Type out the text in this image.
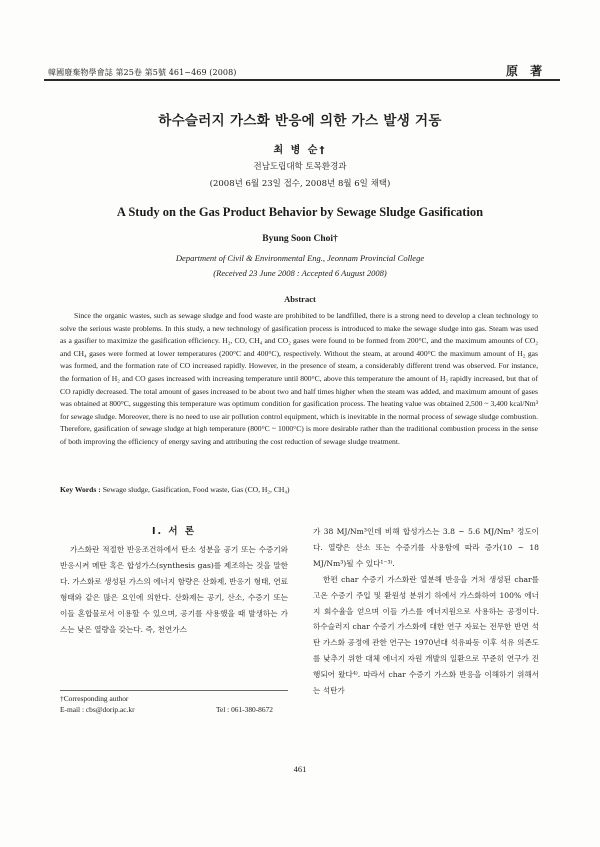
韓國廢棄物學會誌 第25卷 第5號 461~469 (2008)	原 著
하수슬러지 가스화 반응에 의한 가스 발생 거동
최 병 순†
전남도립대학 토목환경과
(2008년 6월 23일 접수, 2008년 8월 6일 채택)
A Study on the Gas Product Behavior by Sewage Sludge Gasification
Byung Soon Choi†
Department of Civil & Environmental Eng., Jeonnam Provincial College
(Received 23 June 2008 : Accepted 6 August 2008)
Abstract

Since the organic wastes, such as sewage sludge and food waste are prohibited to be landfilled, there is a strong need to develop a clean technology to solve the serious waste problems. In this study, a new technology of gasification process is introduced to make the sewage sludge into gas. Steam was used as a gasifier to maximize the gasification efficiency. H₂, CO, CH₄ and CO₂ gases were found to be formed from 200°C, and the maximum amounts of CO₂ and CH₄ gases were formed at lower temperatures (200°C and 400°C), respectively. Without the steam, at around 400°C the maximum amount of H₂ gas was formed, and the formation rate of CO increased rapidly. However, in the presence of steam, a considerably different trend was observed. For instance, the formation of H₂ and CO gases increased with increasing temperature until 800°C, above this temperature the amount of H₂ rapidly increased, but that of CO rapidly decreased. The total amount of gases increased to be about two and half times higher when the steam was added, and maximum amount of gases was obtained at 800°C, suggesting this temperature was optimum condition for gasification process. The heating value was obtained 2,500 ~ 3,400 kcal/Nm³ for sewage sludge. Moreover, there is no need to use air pollution control equipment, which is inevitable in the normal process of sewage sludge combustion. Therefore, gasification of sewage sludge at high temperature (800°C ~ 1000°C) is more desirable rather than the traditional combustion process in the sense of both improving the efficiency of energy saving and attributing the cost reduction of sewage sludge treatment.

Key Words : Sewage sludge, Gasification, Food waste, Gas (CO, H₂, CH₄)
I. 서 론

가스화란 적절한 반응조건하에서 탄소 성분을 공기 또는 수증기와 반응시켜 메탄 혹은 합성가스(synthesis gas)를 제조하는 것을 말한다. 가스화로 생성된 가스의 에너지 함량은 산화제, 반응기 형태, 연료 형태와 같은 많은 요인에 의한다. 산화제는 공기, 산소, 수증기 또는 이들 혼합물로서 이용할 수 있으며, 공기를 사용했을 때 발생하는 가스는 낮은 열량을 갖는다. 즉, 천연가스

가 38 MJ/Nm³인데 비해 합성가스는 3.8 ~ 5.6 MJ/Nm³ 정도이다. 열량은 산소 또는 수증기를 사용함에 따라 증가(10 ~ 18 MJ/Nm³)될 수 있다¹⁻³⁾.

한편 char 수증기 가스화란 열분해 반응을 거쳐 생성된 char를 고온 수증기 주입 및 환원성 분위기 하에서 가스화하여 100% 에너지 회수율을 얻으며 이들 가스를 에너지원으로 사용하는 공정이다. 하수슬러지 char 수증기 가스화에 대한 연구 자료는 전무한 반면 석탄 가스화 공정에 관한 연구는 1970년대 석유파동 이후 석유 의존도를 낮추기 위한 대체 에너지 자원 개발의 일환으로 꾸준히 연구가 진행되어 왔다⁴⁾. 따라서 char 수증기 가스화 반응을 이해하기 위해서는 석탄가

†Corresponding author
E-mail : cbs@dorip.ac.kr	Tel : 061-380-8672
461
